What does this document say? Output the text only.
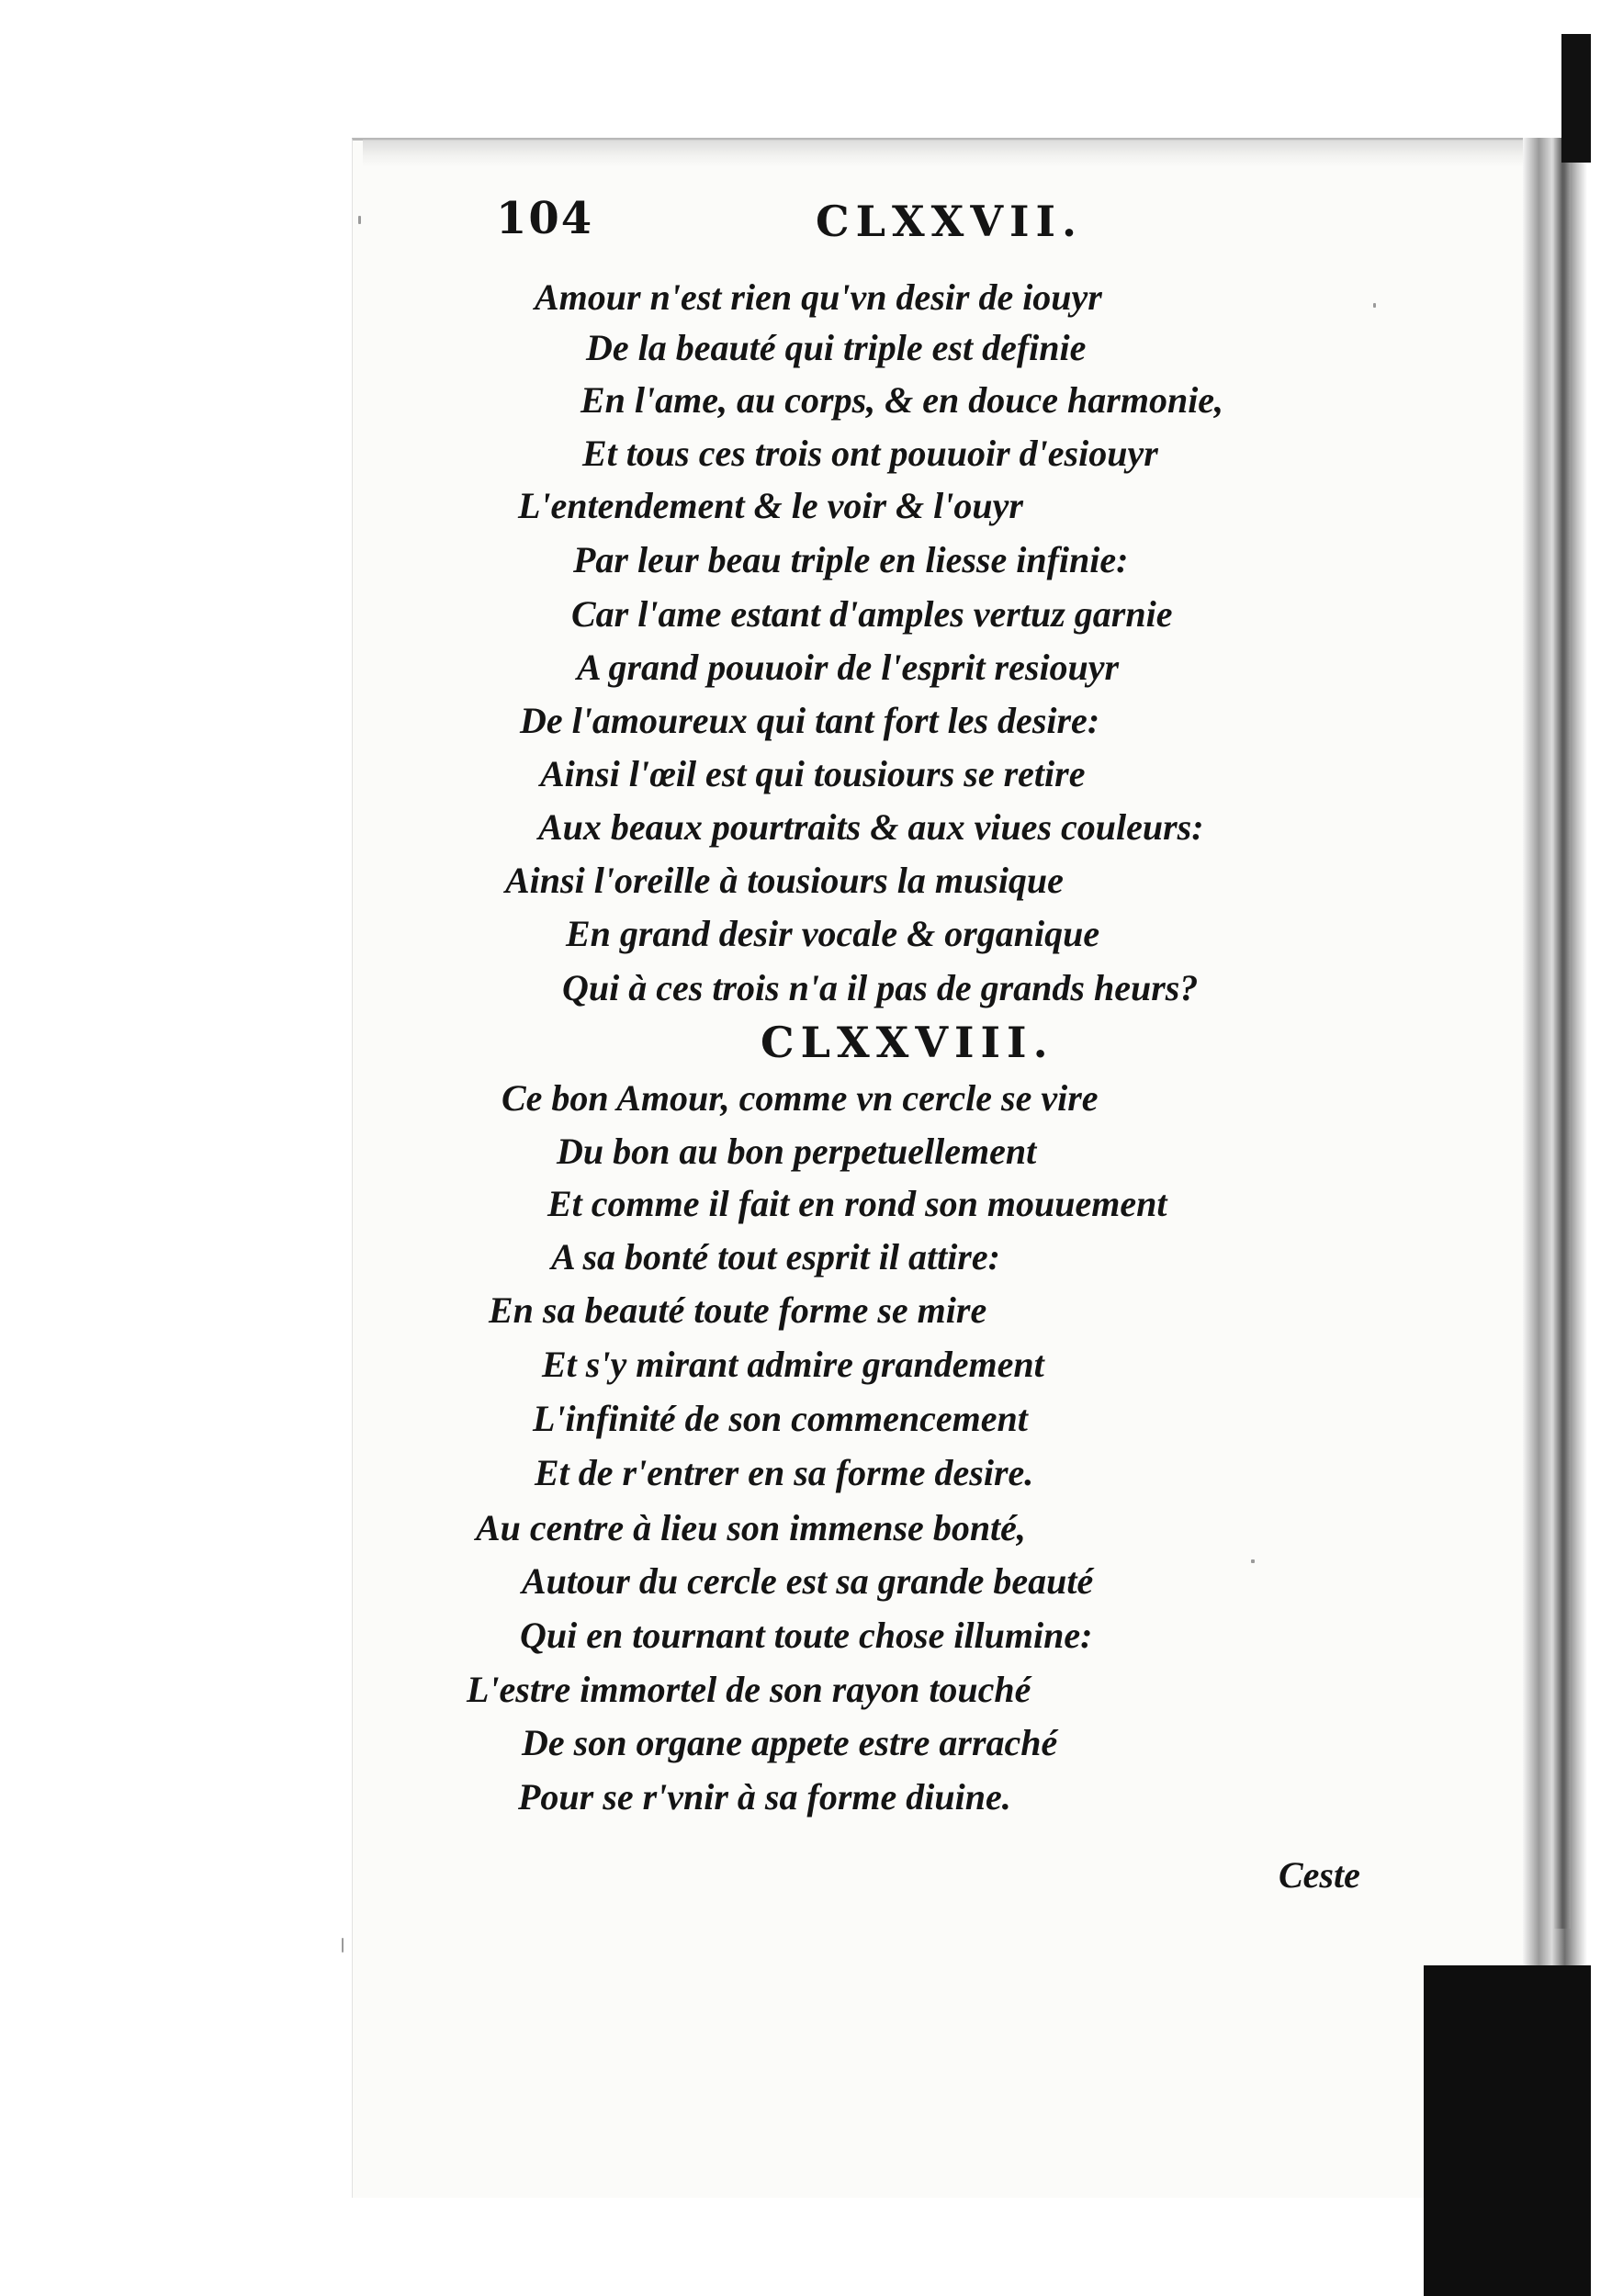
104	CLXXVII.
Amour n'est rien qu'vn desir de iouyr
De la beauté qui triple est definie
En l'ame, au corps, & en douce harmonie,
Et tous ces trois ont pouuoir d'esiouyr
L'entendement & le voir & l'ouyr
Par leur beau triple en liesse infinie:
Car l'ame estant d'amples vertuz garnie
A grand pouuoir de l'esprit resiouyr
De l'amoureux qui tant fort les desire:
Ainsi l'œil est qui tousiours se retire
Aux beaux pourtraits & aux viues couleurs:
Ainsi l'oreille à tousiours la musique
En grand desir vocale & organique
Qui à ces trois n'a il pas de grands heurs?
CLXXVIII.
Ce bon Amour, comme vn cercle se vire
Du bon au bon perpetuellement
Et comme il fait en rond son mouuement
A sa bonté tout esprit il attire:
En sa beauté toute forme se mire
Et s'y mirant admire grandement
L'infinité de son commencement
Et de r'entrer en sa forme desire.
Au centre à lieu son immense bonté,
Autour du cercle est sa grande beauté
Qui en tournant toute chose illumine:
L'estre immortel de son rayon touché
De son organe appete estre arraché
Pour se r'vnir à sa forme diuine.
Ceste
